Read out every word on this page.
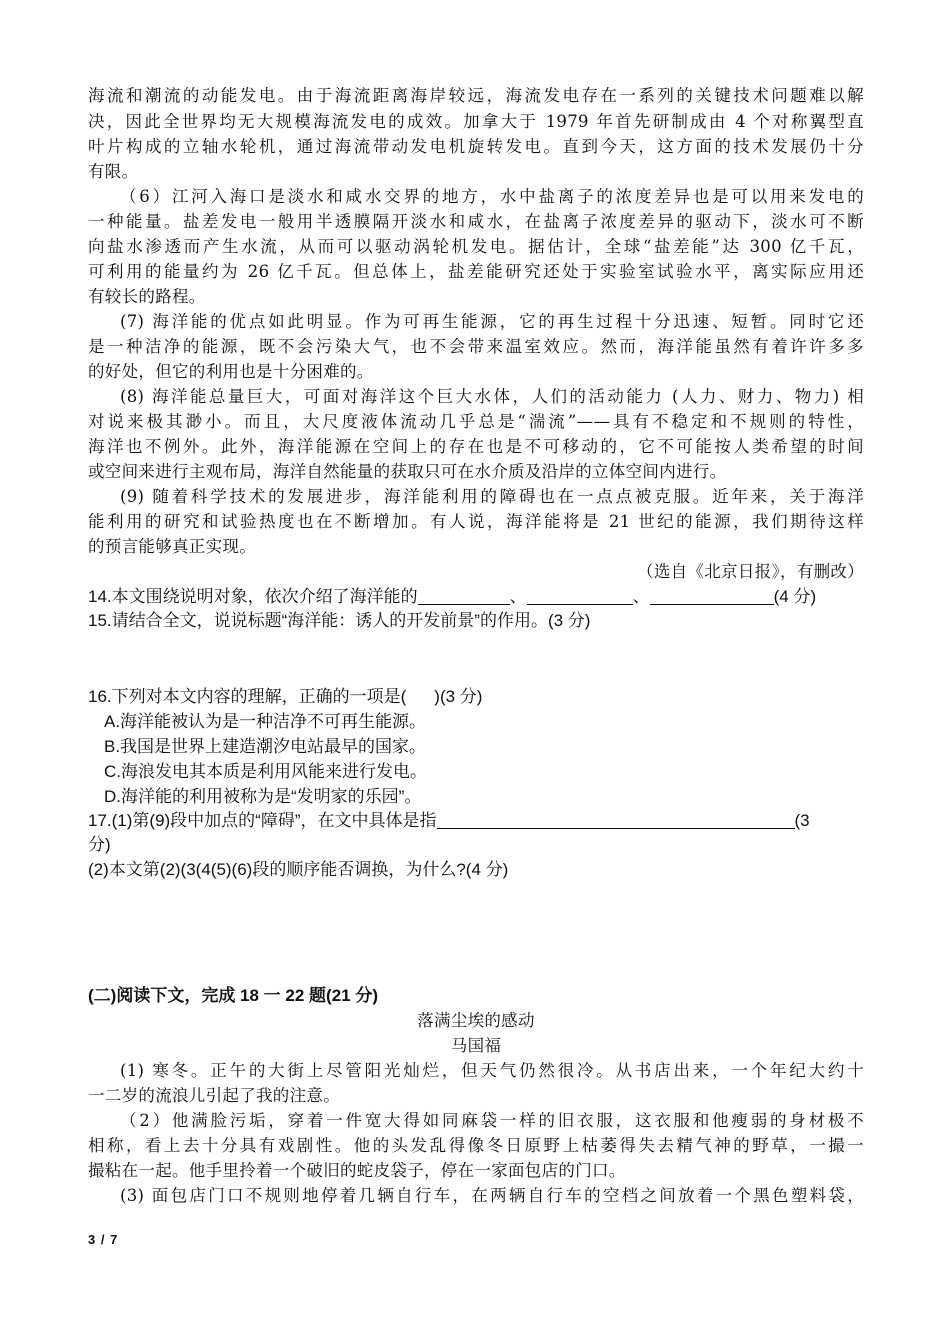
海流和潮流的动能发电。由于海流距离海岸较远，海流发电存在一系列的关键技术问题难以解
决，因此全世界均无大规模海流发电的成效。加拿大于 1979 年首先研制成由 4 个对称翼型直
叶片构成的立轴水轮机，通过海流带动发电机旋转发电。直到今天，这方面的技术发展仍十分
有限。
（6）江河入海口是淡水和咸水交界的地方，水中盐离子的浓度差异也是可以用来发电的
一种能量。盐差发电一般用半透膜隔开淡水和咸水，在盐离子浓度差异的驱动下，淡水可不断
向盐水渗透而产生水流，从而可以驱动涡轮机发电。据估计，全球“盐差能”达 300 亿千瓦，
可利用的能量约为 26 亿千瓦。但总体上，盐差能研究还处于实验室试验水平，离实际应用还
有较长的路程。
(7) 海洋能的优点如此明显。作为可再生能源，它的再生过程十分迅速、短暂。同时它还
是一种洁净的能源，既不会污染大气，也不会带来温室效应。然而，海洋能虽然有着许许多多
的好处，但它的利用也是十分困难的。
(8) 海洋能总量巨大，可面对海洋这个巨大水体，人们的活动能力 (人力、财力、物力) 相
对说来极其渺小。而且，大尺度液体流动几乎总是“湍流”——具有不稳定和不规则的特性，
海洋也不例外。此外，海洋能源在空间上的存在也是不可移动的，它不可能按人类希望的时间
或空间来进行主观布局，海洋自然能量的获取只可在水介质及沿岸的立体空间内进行。
(9) 随着科学技术的发展进步，海洋能利用的障碍也在一点点被克服。近年来，关于海洋
能利用的研究和试验热度也在不断增加。有人说，海洋能将是 21 世纪的能源，我们期待这样
的预言能够真正实现。
（选自《北京日报》，有删改）
14.本文围绕说明对象，依次介绍了海洋能的	、	、	(4 分)
15.请结合全文，说说标题“海洋能：诱人的开发前景”的作用。(3 分)
16.下列对本文内容的理解，正确的一项是( )(3 分)
A.海洋能被认为是一种洁净不可再生能源。
B.我国是世界上建造潮汐电站最早的国家。
C.海浪发电其本质是利用风能来进行发电。
D.海洋能的利用被称为是“发明家的乐园”。
17.(1)第(9)段中加点的“障碍”，在文中具体是指	(3
分)
(2)本文第(2)(3(4(5)(6)段的顺序能否调换，为什么?(4 分)
(二)阅读下文，完成 18 一 22 题(21 分)
落满尘埃的感动
马国福
(1) 寒冬。正午的大街上尽管阳光灿烂，但天气仍然很冷。从书店出来，一个年纪大约十
一二岁的流浪儿引起了我的注意。
（2）他满脸污垢，穿着一件宽大得如同麻袋一样的旧衣服，这衣服和他瘦弱的身材极不
相称，看上去十分具有戏剧性。他的头发乱得像冬日原野上枯萎得失去精气神的野草，一撮一
撮粘在一起。他手里拎着一个破旧的蛇皮袋子，停在一家面包店的门口。
(3) 面包店门口不规则地停着几辆自行车，在两辆自行车的空档之间放着一个黑色塑料袋，
3 / 7
